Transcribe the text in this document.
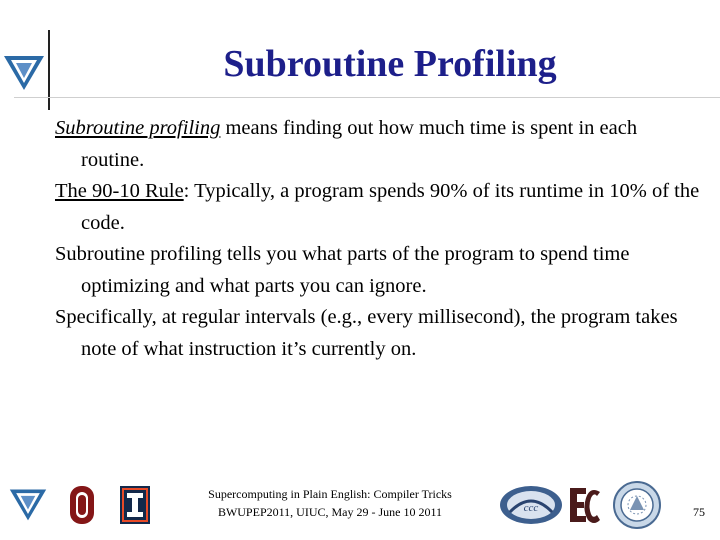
Subroutine Profiling
Subroutine profiling means finding out how much time is spent in each routine.
The 90-10 Rule: Typically, a program spends 90% of its runtime in 10% of the code.
Subroutine profiling tells you what parts of the program to spend time optimizing and what parts you can ignore.
Specifically, at regular intervals (e.g., every millisecond), the program takes note of what instruction it’s currently on.
Supercomputing in Plain English: Compiler Tricks
BWUPEP2011, UIUC, May 29 - June 10 2011	ccc	75
